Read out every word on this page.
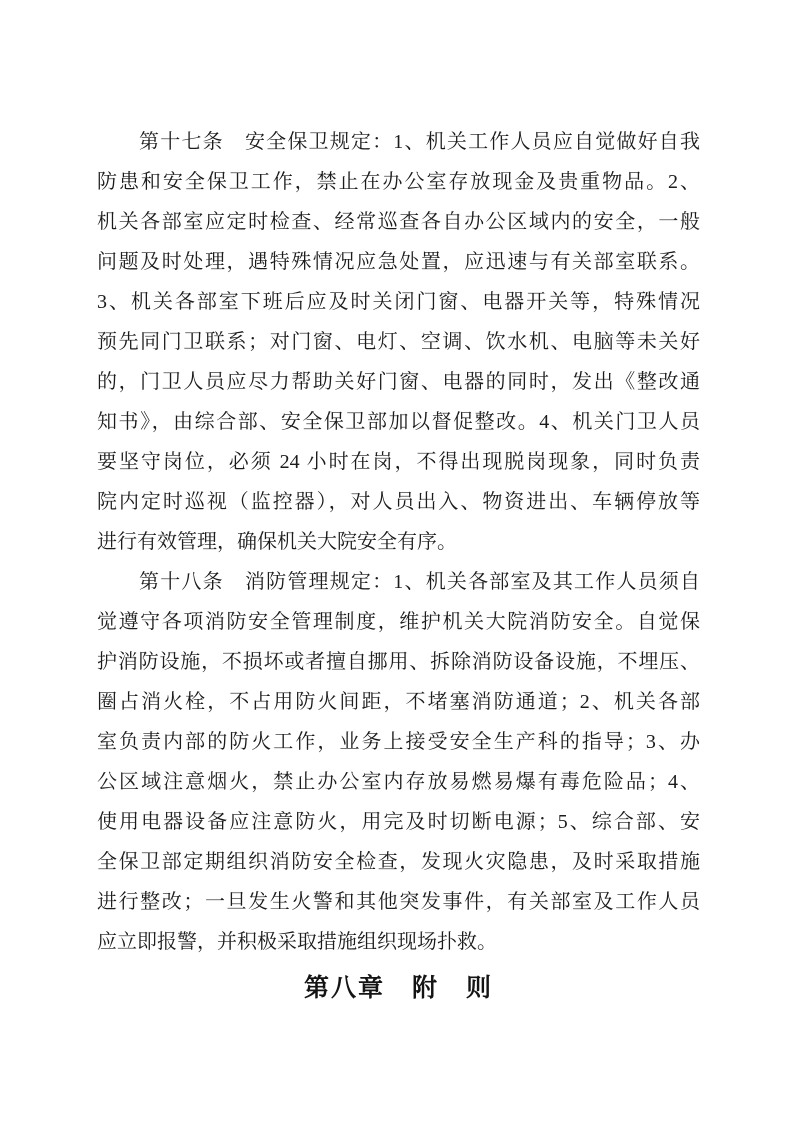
第十七条　安全保卫规定：1、机关工作人员应自觉做好自我
防患和安全保卫工作，禁止在办公室存放现金及贵重物品。2、
机关各部室应定时检查、经常巡查各自办公区域内的安全，一般
问题及时处理，遇特殊情况应急处置，应迅速与有关部室联系。
3、机关各部室下班后应及时关闭门窗、电器开关等，特殊情况
预先同门卫联系；对门窗、电灯、空调、饮水机、电脑等未关好
的，门卫人员应尽力帮助关好门窗、电器的同时，发出《整改通
知书》，由综合部、安全保卫部加以督促整改。4、机关门卫人员
要坚守岗位，必须 24 小时在岗，不得出现脱岗现象，同时负责
院内定时巡视（监控器），对人员出入、物资进出、车辆停放等
进行有效管理，确保机关大院安全有序。
第十八条　消防管理规定：1、机关各部室及其工作人员须自
觉遵守各项消防安全管理制度，维护机关大院消防安全。自觉保
护消防设施，不损坏或者擅自挪用、拆除消防设备设施，不埋压、
圈占消火栓，不占用防火间距，不堵塞消防通道；2、机关各部
室负责内部的防火工作，业务上接受安全生产科的指导；3、办
公区域注意烟火，禁止办公室内存放易燃易爆有毒危险品；4、
使用电器设备应注意防火，用完及时切断电源；5、综合部、安
全保卫部定期组织消防安全检查，发现火灾隐患，及时采取措施
进行整改；一旦发生火警和其他突发事件，有关部室及工作人员
应立即报警，并积极采取措施组织现场扑救。
第八章　附　则
